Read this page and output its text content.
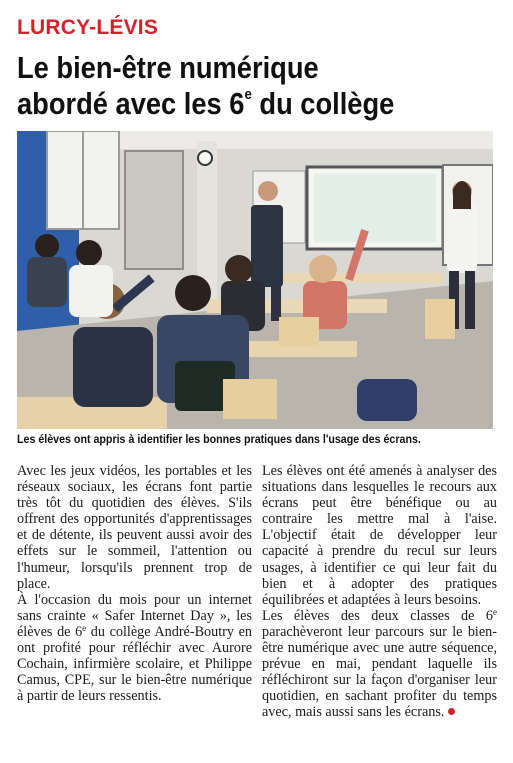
LURCY-LÉVIS
Le bien-être numérique
abordé avec les 6e du collège
Les élèves ont appris à identifier les bonnes pratiques dans l'usage des écrans.

Avec les jeux vidéos, les portables et les réseaux sociaux, les écrans font partie très tôt du quotidien des élèves. S'ils offrent des opportunités d'apprentissages et de détente, ils peuvent aussi avoir des effets sur le sommeil, l'attention ou l'humeur, lorsqu'ils prennent trop de place.

À l'occasion du mois pour un internet sans crainte « Safer Internet Day », les élèves de 6e du collège André-Boutry en ont profité pour réfléchir avec Aurore Cochain, infirmière scolaire, et Philippe Camus, CPE, sur le bien-être numérique à partir de leurs ressentis.

Les élèves ont été amenés à analyser des situations dans lesquelles le recours aux écrans peut être bénéfique ou au contraire les mettre mal à l'aise. L'objectif était de développer leur capacité à prendre du recul sur leurs usages, à identifier ce qui leur fait du bien et à adopter des pratiques équilibrées et adaptées à leurs besoins.

Les élèves des deux classes de 6e parachèveront leur parcours sur le bien-être numérique avec une autre séquence, prévue en mai, pendant laquelle ils réfléchiront sur la façon d'organiser leur quotidien, en sachant profiter du temps avec, mais aussi sans les écrans.
